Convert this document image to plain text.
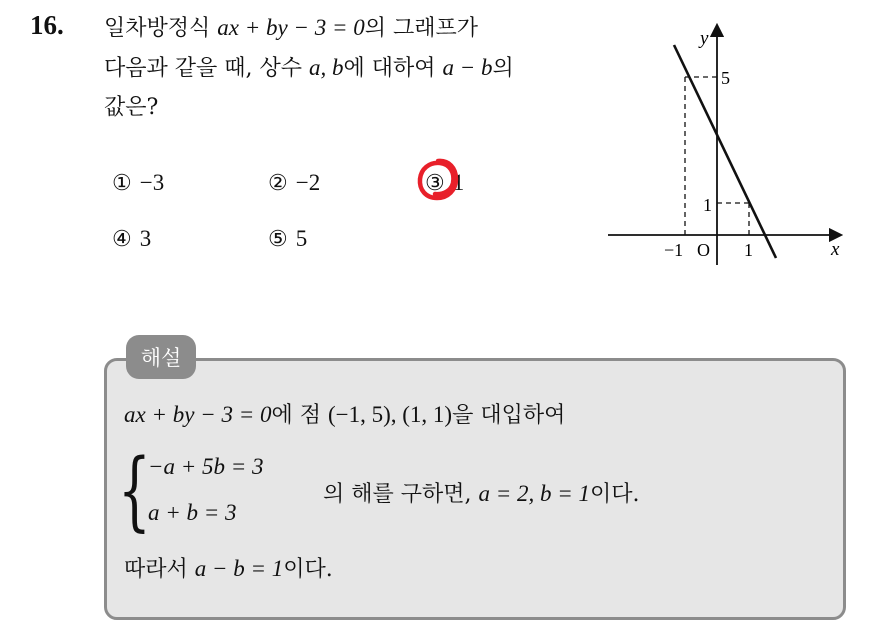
16. 일차방정식 ax + by − 3 = 0의 그래프가
다음과 같을 때, 상수 a, b에 대하여 a − b의
값은?
① −3	② −2	③ 1
④ 3	⑤ 5
y
x
5
1
−1 O 1
해설
ax + by − 3 = 0에 점 (−1, 5), (1, 1)을 대입하여
{
−a + 5b = 3
a + b = 3
의 해를 구하면, a = 2, b = 1이다.
따라서 a − b = 1이다.
